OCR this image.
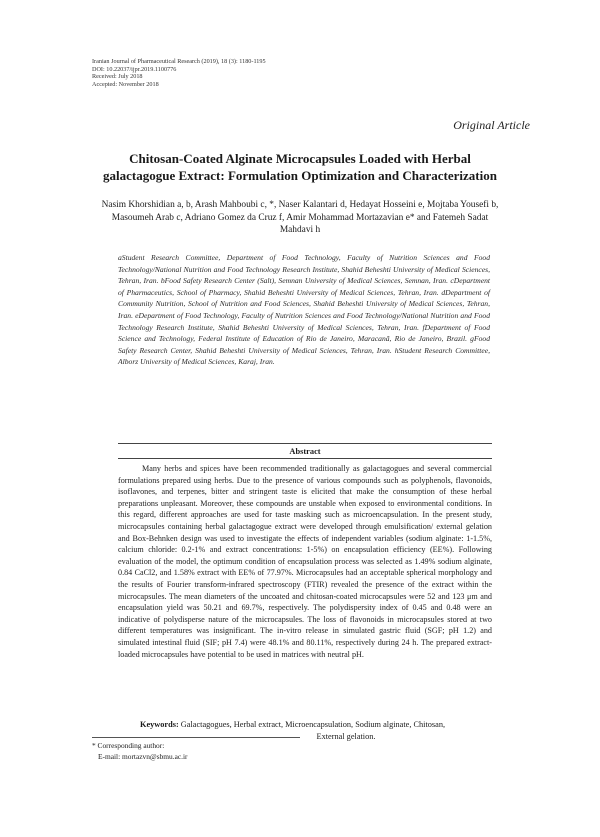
Iranian Journal of Pharmaceutical Research (2019), 18 (3): 1180-1195
DOI: 10.22037/ijpr.2019.1100776
Received: July 2018
Accepted: November 2018
Original Article
Chitosan-Coated Alginate Microcapsules Loaded with Herbal
galactagogue Extract: Formulation Optimization and Characterization
Nasim Khorshidian a, b, Arash Mahboubi c, *, Naser Kalantari d, Hedayat Hosseini e, Mojtaba Yousefi b,
Masoumeh Arab c, Adriano Gomez da Cruz f, Amir Mohammad Mortazavian e* and Fatemeh Sadat
Mahdavi h
aStudent Research Committee, Department of Food Technology, Faculty of Nutrition Sciences and Food Technology/National Nutrition and Food Technology Research Institute, Shahid Beheshti University of Medical Sciences, Tehran, Iran. bFood Safety Research Center (Salt), Semnan University of Medical Sciences, Semnan, Iran. cDepartment of Pharmaceutics, School of Pharmacy, Shahid Beheshti University of Medical Sciences, Tehran, Iran. dDepartment of Community Nutrition, School of Nutrition and Food Sciences, Shahid Beheshti University of Medical Sciences, Tehran, Iran. eDepartment of Food Technology, Faculty of Nutrition Sciences and Food Technology/National Nutrition and Food Technology Research Institute, Shahid Beheshti University of Medical Sciences, Tehran, Iran. fDepartment of Food Science and Technology, Federal Institute of Education of Rio de Janeiro, Maracanã, Rio de Janeiro, Brazil. gFood Safety Research Center, Shahid Beheshti University of Medical Sciences, Tehran, Iran. hStudent Research Committee, Alborz University of Medical Sciences, Karaj, Iran.
Abstract

Many herbs and spices have been recommended traditionally as galactagogues and several commercial formulations prepared using herbs. Due to the presence of various compounds such as polyphenols, flavonoids, isoflavones, and terpenes, bitter and stringent taste is elicited that make the consumption of these herbal preparations unpleasant. Moreover, these compounds are unstable when exposed to environmental conditions. In this regard, different approaches are used for taste masking such as microencapsulation. In the present study, microcapsules containing herbal galactagogue extract were developed through emulsification/ external gelation and Box-Behnken design was used to investigate the effects of independent variables (sodium alginate: 1-1.5%, calcium chloride: 0.2-1% and extract concentrations: 1-5%) on encapsulation efficiency (EE%). Following evaluation of the model, the optimum condition of encapsulation process was selected as 1.49% sodium alginate, 0.84 CaCl2, and 1.58% extract with EE% of 77.97%. Microcapsules had an acceptable spherical morphology and the results of Fourier transform-infrared spectroscopy (FTIR) revealed the presence of the extract within the microcapsules. The mean diameters of the uncoated and chitosan-coated microcapsules were 52 and 123 μm and encapsulation yield was 50.21 and 69.7%, respectively. The polydispersity index of 0.45 and 0.48 were an indicative of polydisperse nature of the microcapsules. The loss of flavonoids in microcapsules stored at two different temperatures was insignificant. The in-vitro release in simulated gastric fluid (SGF; pH 1.2) and simulated intestinal fluid (SIF; pH 7.4) were 48.1% and 80.11%, respectively during 24 h. The prepared extract-loaded microcapsules have potential to be used in matrices with neutral pH.

Keywords: Galactagogues, Herbal extract, Microencapsulation, Sodium alginate, Chitosan,
External gelation.
* Corresponding author:
E-mail: mortazvn@sbmu.ac.ir
